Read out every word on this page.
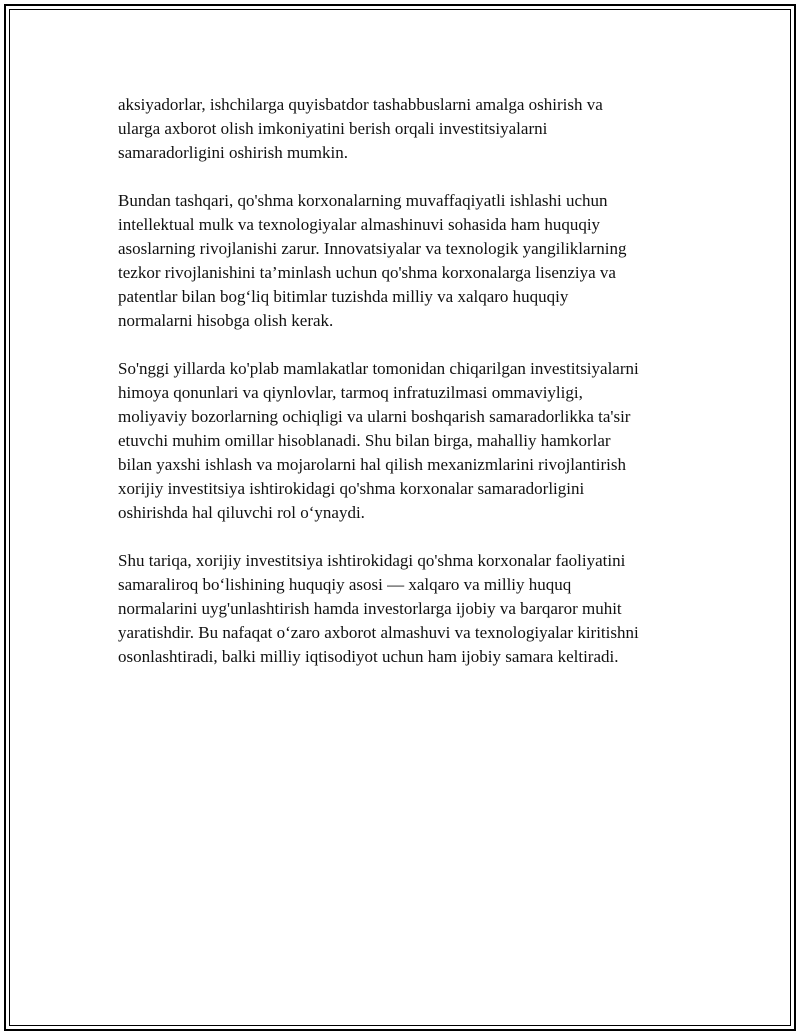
aksiyadorlar, ishchilarga quyisbatdor tashabbuslarni amalga oshirish va
ularga axborot olish imkoniyatini berish orqali investitsiyalarni
samaradorligini oshirish mumkin.

Bundan tashqari, qo'shma korxonalarning muvaffaqiyatli ishlashi uchun
intellektual mulk va texnologiyalar almashinuvi sohasida ham huquqiy
asoslarning rivojlanishi zarur. Innovatsiyalar va texnologik yangiliklarning
tezkor rivojlanishini ta’minlash uchun qo'shma korxonalarga lisenziya va
patentlar bilan bog‘liq bitimlar tuzishda milliy va xalqaro huquqiy
normalarni hisobga olish kerak.

So'nggi yillarda ko'plab mamlakatlar tomonidan chiqarilgan investitsiyalarni
himoya qonunlari va qiynlovlar, tarmoq infratuzilmasi ommaviyligi,
moliyaviy bozorlarning ochiqligi va ularni boshqarish samaradorlikka ta'sir
etuvchi muhim omillar hisoblanadi. Shu bilan birga, mahalliy hamkorlar
bilan yaxshi ishlash va mojarolarni hal qilish mexanizmlarini rivojlantirish
xorijiy investitsiya ishtirokidagi qo'shma korxonalar samaradorligini
oshirishda hal qiluvchi rol o‘ynaydi.

Shu tariqa, xorijiy investitsiya ishtirokidagi qo'shma korxonalar faoliyatini
samaraliroq bo‘lishining huquqiy asosi — xalqaro va milliy huquq
normalarini uyg'unlashtirish hamda investorlarga ijobiy va barqaror muhit
yaratishdir. Bu nafaqat o‘zaro axborot almashuvi va texnologiyalar kiritishni
osonlashtiradi, balki milliy iqtisodiyot uchun ham ijobiy samara keltiradi.
